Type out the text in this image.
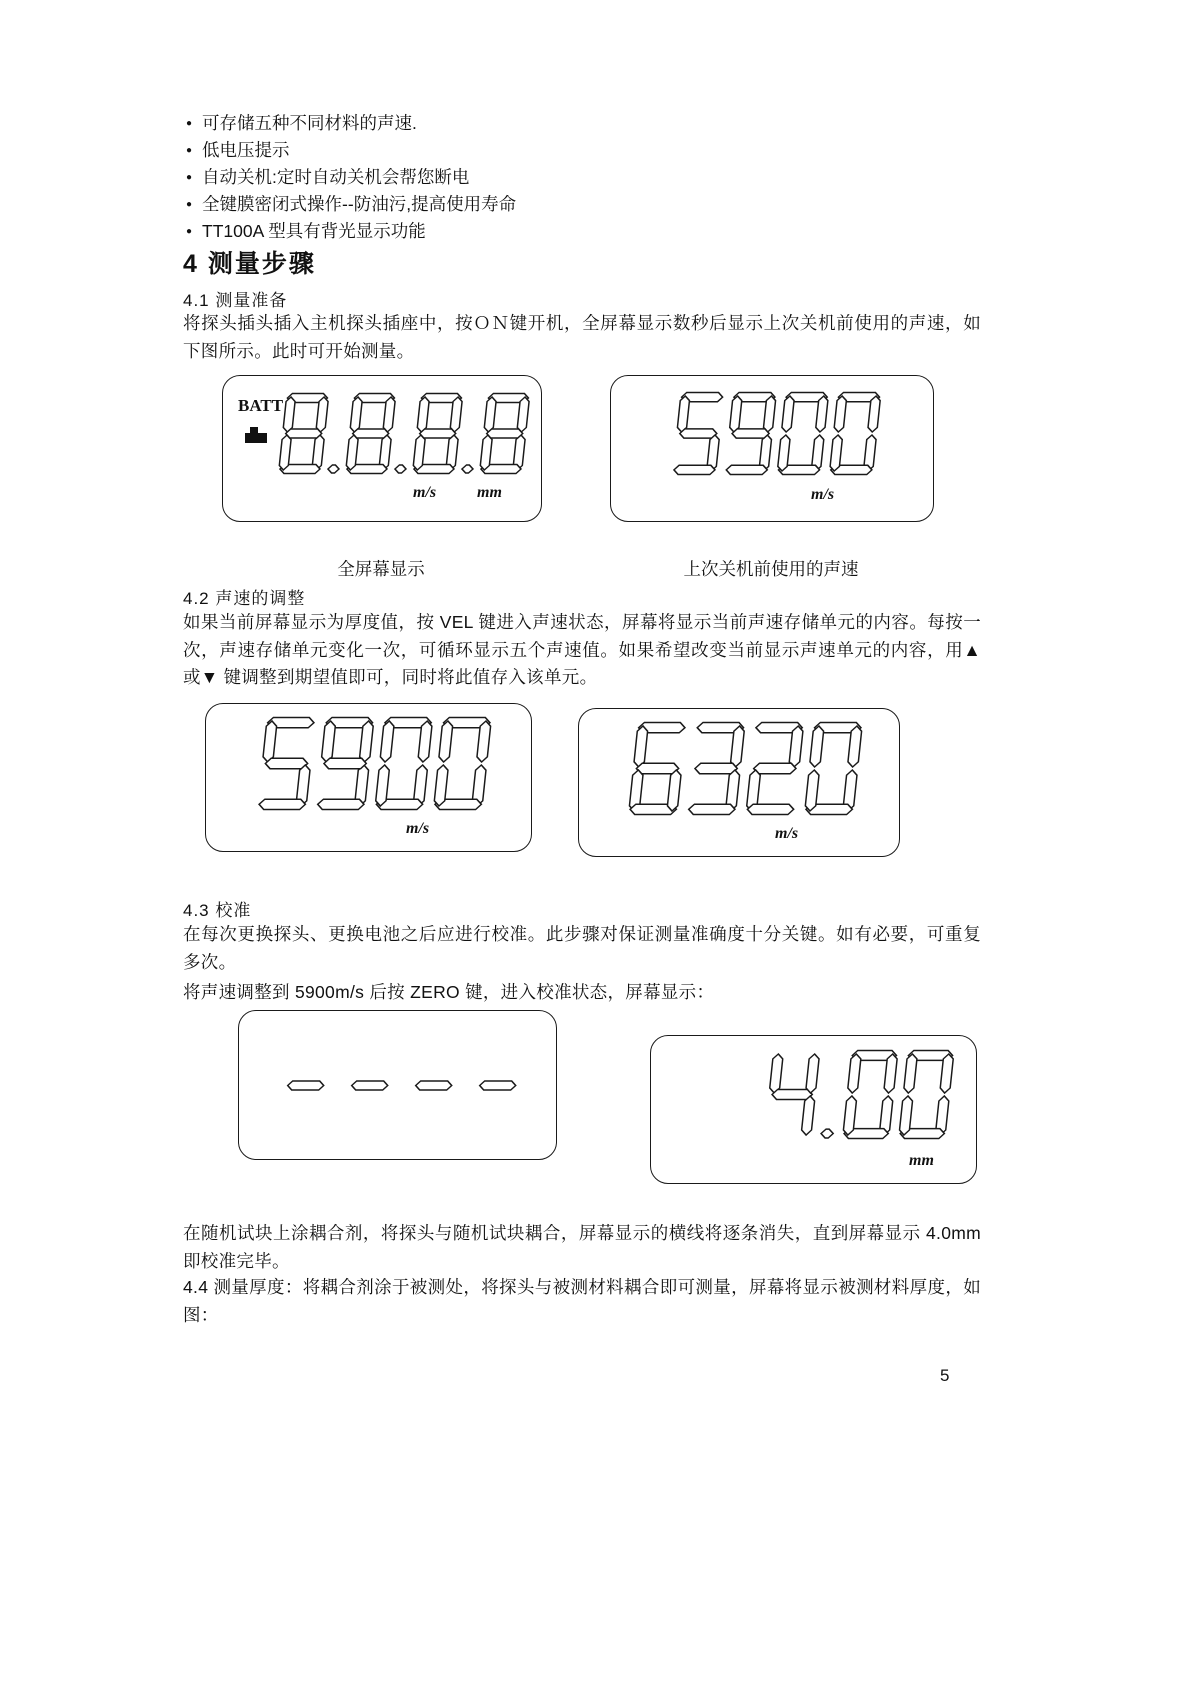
● 可存储五种不同材料的声速.
● 低电压提示
● 自动关机:定时自动关机会帮您断电
● 全键膜密闭式操作--防油污,提高使用寿命
● TT100A 型具有背光显示功能
4 测量步骤
4.1 测量准备

将探头插头插入主机探头插座中，按ＯＮ键开机，全屏幕显示数秒后显示上次关机前使用的声速，如下图所示。此时可开始测量。

BATT
m/s	mm	m/s
全屏幕显示	上次关机前使用的声速
4.2 声速的调整

如果当前屏幕显示为厚度值，按 VEL 键进入声速状态，屏幕将显示当前声速存储单元的内容。每按一次，声速存储单元变化一次，可循环显示五个声速值。如果希望改变当前显示声速单元的内容，用▲ 或▼ 键调整到期望值即可，同时将此值存入该单元。

m/s	m/s
4.3 校准

在每次更换探头、更换电池之后应进行校准。此步骤对保证测量准确度十分关键。如有必要，可重复多次。

将声速调整到 5900m/s 后按 ZERO 键，进入校准状态，屏幕显示：

mm

在随机试块上涂耦合剂，将探头与随机试块耦合，屏幕显示的横线将逐条消失，直到屏幕显示 4.0mm 即校准完毕。

4.4 测量厚度：将耦合剂涂于被测处，将探头与被测材料耦合即可测量，屏幕将显示被测材料厚度，如图：

5
